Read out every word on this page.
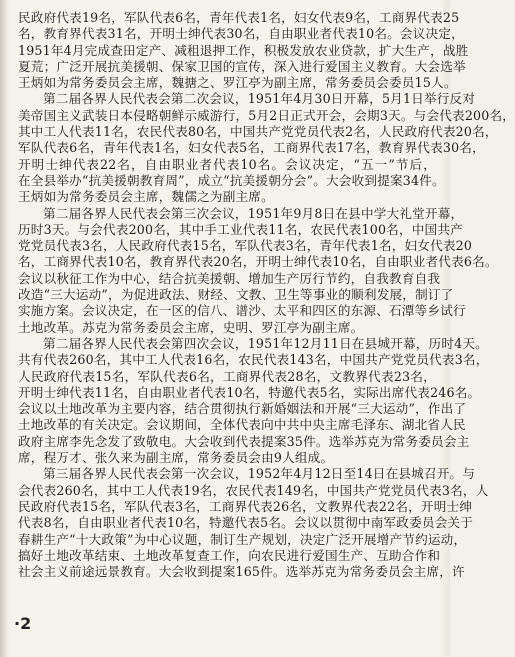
民政府代表19名，军队代表6名，青年代表1名，妇女代表9名，工商界代表25
名，教育界代表31名，开明士绅代表30名，自由职业者代表10名。会议决定，
1951年4月完成查田定产、减租退押工作，积极发放农业贷款，扩大生产，战胜
夏荒；广泛开展抗美援朝、保家卫国的宣传，深入进行爱国主义教育。大会选举
王炳如为常务委员会主席，魏搪之、罗江亭为副主席，常务委员会委员15人。
第二届各界人民代表会第二次会议，1951年4月30日开幕，5月1日举行反对
美帝国主义武装日本侵略朝鲜示威游行，5月2日正式开会，会期3天。与会代表200名，
其中工人代表11名，农民代表80名，中国共产党党员代表2名，人民政府代表20名，
军队代表6名，青年代表1名，妇女代表5名，工商界代表17名，教育界代表30名，
开明士绅代表22名，自由职业者代表10名。会议决定，“五一”节后，
在全县举办“抗美援朝教育周”，成立“抗美援朝分会”。大会收到提案34件。
王炳如为常务委员会主席，魏儒之为副主席。
第二届各界人民代表会第三次会议，1951年9月8日在县中学大礼堂开幕，
历时3天。与会代表200名，其中手工业代表11名，农民代表100名，中国共产
党党员代表3名，人民政府代表15名，军队代表3名，青年代表1名，妇女代表20
名，工商界代表10名，教育界代表20名，开明士绅代表10名，自由职业者代表6名。
会议以秋征工作为中心，结合抗美援朝、增加生产厉行节约，自我教育自我
改造“三大运动”，为促进政法、财经、文教、卫生等事业的顺利发展，制订了
实施方案。会议决定，在一区的信八、谱沙、太平和四区的东源、石潭等乡试行
土地改革。苏克为常务委员会主席，史明、罗江亭为副主席。
第二届各界人民代表会第四次会议，1951年12月11日在县城开幕，历时4天。
共有代表260名，其中工人代表16名，农民代表143名，中国共产党党员代表3名，
人民政府代表15名，军队代表6名，工商界代表28名，文教界代表23名，
开明士绅代表11名，自由职业者代表10名，特邀代表5名，实际出席代表246名。
会议以土地改革为主要内容，结合贯彻执行新婚姻法和开展“三大运动”，作出了
土地改革的有关决定。会议期间，全体代表向中共中央主席毛泽东、湖北省人民
政府主席李先念发了致敬电。大会收到代表提案35件。选举苏克为常务委员会主
席，程万才、张久来为副主席，常务委员会由9人组成。
第三届各界人民代表会第一次会议，1952年4月12日至14日在县城召开。与
会代表260名，其中工人代表19名，农民代表149名，中国共产党党员代表3名，人
民政府代表15名，军队代表3名，工商界代表26名，文教界代表22名，开明士绅
代表8名，自由职业者代表10名，特邀代表5名。会议以贯彻中南军政委员会关于
春耕生产“十大政策”为中心议题，制订生产规划，决定广泛开展增产节约运动，
搞好土地改革结束、土地改革复查工作，向农民进行爱国生产、互助合作和
社会主义前途远景教育。大会收到提案165件。选举苏克为常务委员会主席，许
·2
